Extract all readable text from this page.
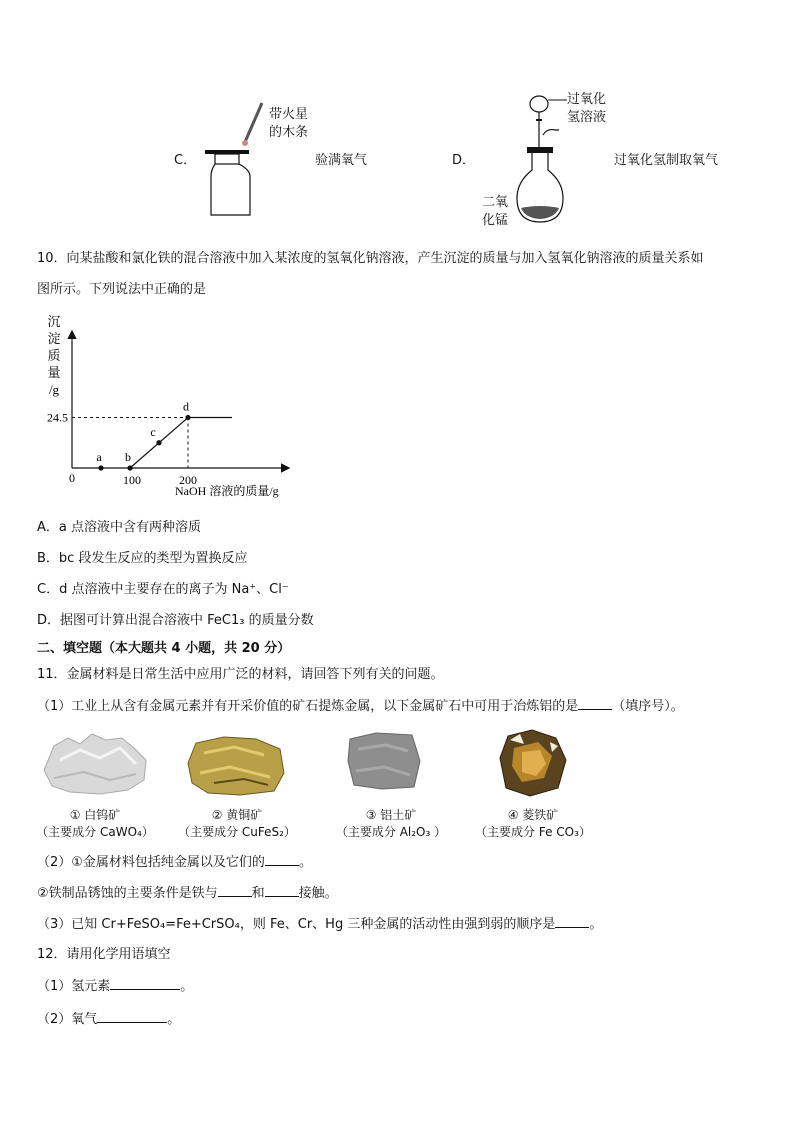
C．
带火星
的木条
验满氧气	D．
过氧化
氢溶液
二氧
化锰
过氧化氢制取氧气
10．向某盐酸和氯化铁的混合溶液中加入某浓度的氢氧化钠溶液，产生沉淀的质量与加入氢氧化钠溶液的质量关系如
图所示。下列说法中正确的是
沉
淀
质
量
/g
a b
c
d
0	100	200
24.5
NaOH 溶液的质量/g
A．a 点溶液中含有两种溶质
B．bc 段发生反应的类型为置换反应
C．d 点溶液中主要存在的离子为 Na⁺、Cl⁻
D．据图可计算出混合溶液中 FeC1₃ 的质量分数
二、填空题（本大题共 4 小题，共 20 分）
11．金属材料是日常生活中应用广泛的材料，请回答下列有关的问题。
（1）工业上从含有金属元素并有开采价值的矿石提炼金属，以下金属矿石中可用于冶炼铝的是	（填序号）。
① 白钨矿
（主要成分 CaWO₄）
② 黄铜矿
（主要成分 CuFeS₂）
③ 铝土矿
（主要成分 Al₂O₃ ）
④ 菱铁矿
（主要成分 Fe CO₃）
（2）①金属材料包括纯金属以及它们的	。
②铁制品锈蚀的主要条件是铁与	和	接触。
（3）已知 Cr+FeSO₄=Fe+CrSO₄，则 Fe、Cr、Hg 三种金属的活动性由强到弱的顺序是	。
12．请用化学用语填空
（1）氢元素	。
（2）氧气	。
